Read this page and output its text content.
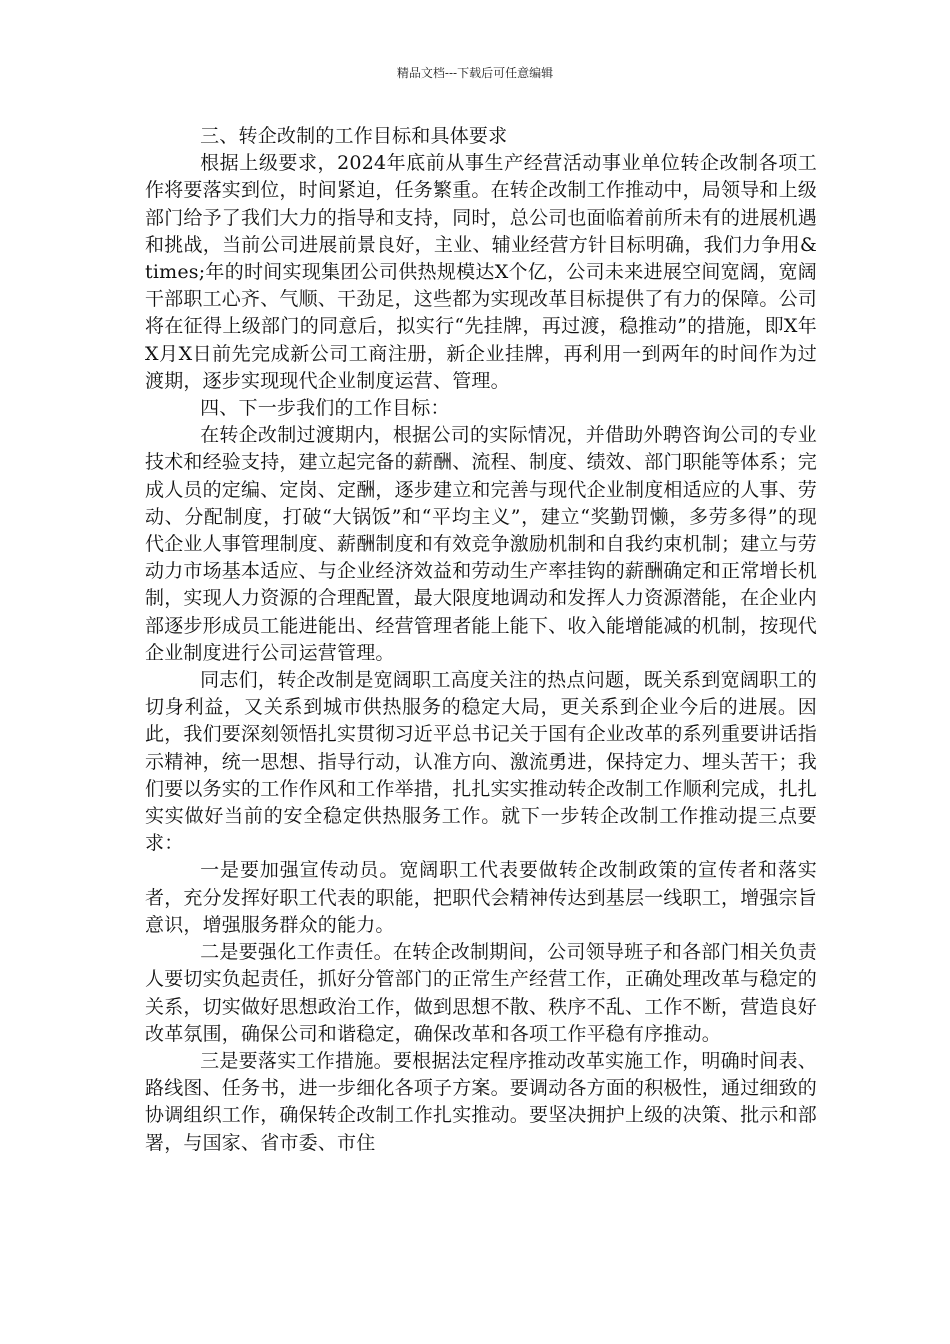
精品文档---下载后可任意编辑

三、转企改制的工作目标和具体要求

根据上级要求，2024年底前从事生产经营活动事业单位转企改制各项工作将要落实到位，时间紧迫，任务繁重。在转企改制工作推动中，局领导和上级部门给予了我们大力的指导和支持，同时，总公司也面临着前所未有的进展机遇和挑战，当前公司进展前景良好，主业、辅业经营方针目标明确，我们力争用&times;年的时间实现集团公司供热规模达X个亿，公司未来进展空间宽阔，宽阔干部职工心齐、气顺、干劲足，这些都为实现改革目标提供了有力的保障。公司将在征得上级部门的同意后，拟实行“先挂牌，再过渡，稳推动”的措施，即X年X月X日前先完成新公司工商注册，新企业挂牌，再利用一到两年的时间作为过渡期，逐步实现现代企业制度运营、管理。

四、下一步我们的工作目标：

在转企改制过渡期内，根据公司的实际情况，并借助外聘咨询公司的专业技术和经验支持，建立起完备的薪酬、流程、制度、绩效、部门职能等体系；完成人员的定编、定岗、定酬，逐步建立和完善与现代企业制度相适应的人事、劳动、分配制度，打破“大锅饭”和“平均主义”，建立“奖勤罚懒，多劳多得”的现代企业人事管理制度、薪酬制度和有效竞争激励机制和自我约束机制；建立与劳动力市场基本适应、与企业经济效益和劳动生产率挂钩的薪酬确定和正常增长机制，实现人力资源的合理配置，最大限度地调动和发挥人力资源潜能，在企业内部逐步形成员工能进能出、经营管理者能上能下、收入能增能减的机制，按现代企业制度进行公司运营管理。

同志们，转企改制是宽阔职工高度关注的热点问题，既关系到宽阔职工的切身利益，又关系到城市供热服务的稳定大局，更关系到企业今后的进展。因此，我们要深刻领悟扎实贯彻习近平总书记关于国有企业改革的系列重要讲话指示精神，统一思想、指导行动，认准方向、激流勇进，保持定力、埋头苦干；我们要以务实的工作作风和工作举措，扎扎实实推动转企改制工作顺利完成，扎扎实实做好当前的安全稳定供热服务工作。就下一步转企改制工作推动提三点要求：

一是要加强宣传动员。宽阔职工代表要做转企改制政策的宣传者和落实者，充分发挥好职工代表的职能，把职代会精神传达到基层一线职工，增强宗旨意识，增强服务群众的能力。

二是要强化工作责任。在转企改制期间，公司领导班子和各部门相关负责人要切实负起责任，抓好分管部门的正常生产经营工作，正确处理改革与稳定的关系，切实做好思想政治工作，做到思想不散、秩序不乱、工作不断，营造良好改革氛围，确保公司和谐稳定，确保改革和各项工作平稳有序推动。

三是要落实工作措施。要根据法定程序推动改革实施工作，明确时间表、路线图、任务书，进一步细化各项子方案。要调动各方面的积极性，通过细致的协调组织工作，确保转企改制工作扎实推动。要坚决拥护上级的决策、批示和部署，与国家、省市委、市住
